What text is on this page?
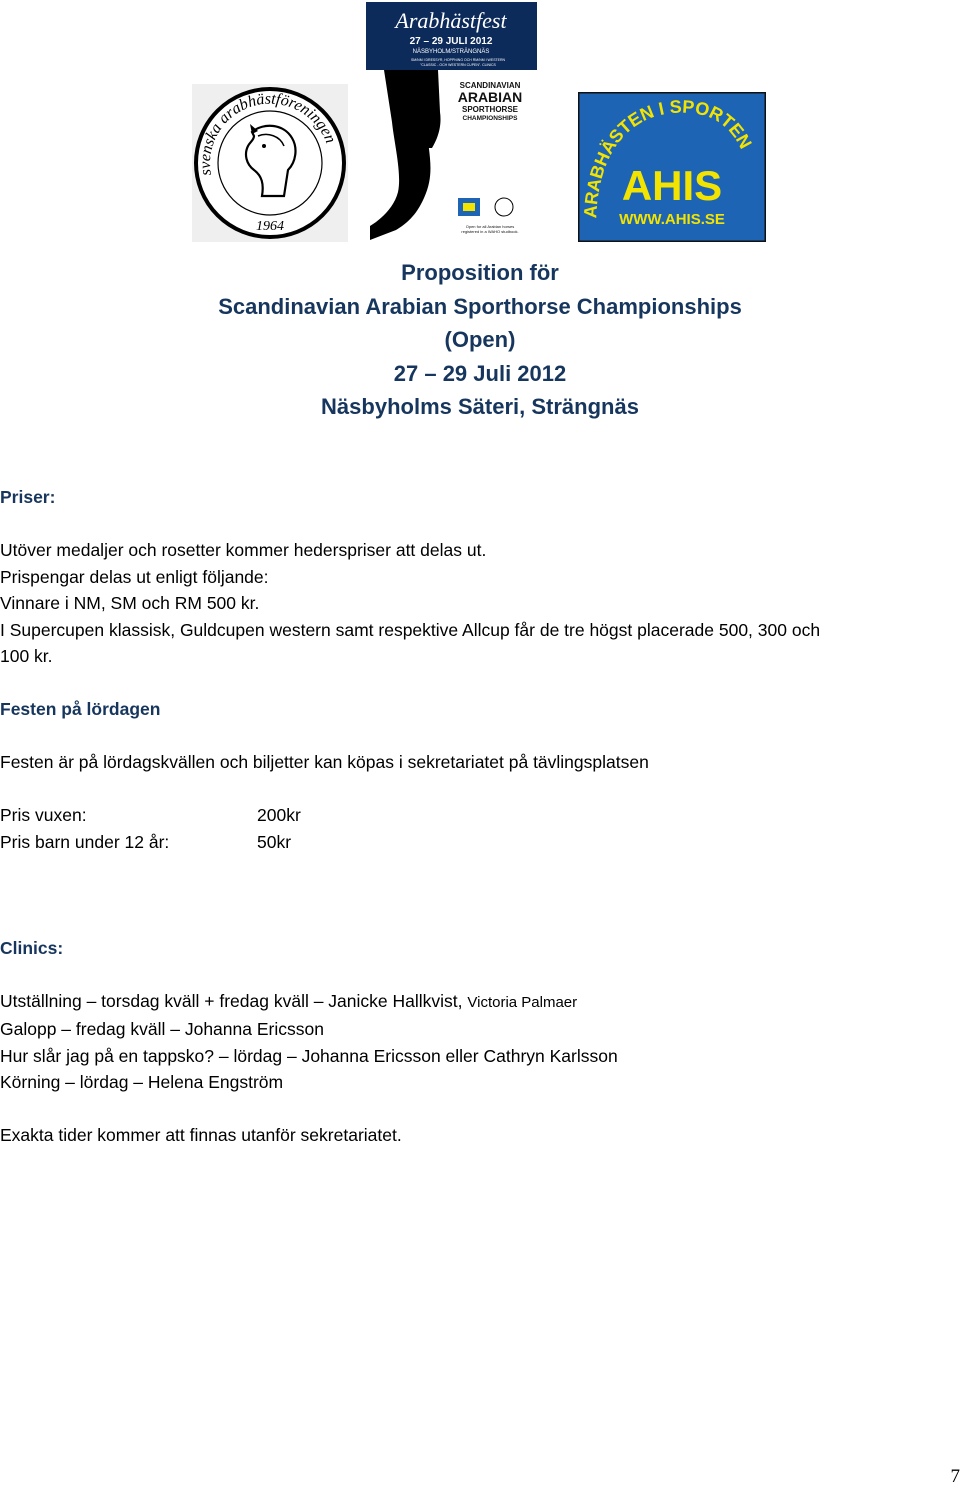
svenska arabhästföreningen
1964
Arabhästfest
27 – 29 JULI 2012
NÄSBYHOLM/STRÄNGNÄS
SM/NM I DRESSYR, HOPPNING OCH RM/NM I WESTERN
"CLASSIC - OCH WESTERN CUPEN". CLINICS
SCANDINAVIAN
ARABIAN
SPORTHORSE
CHAMPIONSHIPS
Open for all Arabian horses
registered in a WAHO studbook.
ARABHÄSTEN I SPORTEN
AHIS
WWW.AHIS.SE
Proposition för
Scandinavian Arabian Sporthorse Championships
(Open)
27 – 29 Juli 2012
Näsbyholms Säteri, Strängnäs
Priser:
Utöver medaljer och rosetter kommer hederspriser att delas ut.
Prispengar delas ut enligt följande:
Vinnare i NM, SM och RM 500 kr.
I Supercupen klassisk, Guldcupen western samt respektive Allcup får de tre högst placerade 500, 300 och
100 kr.
Festen på lördagen
Festen är på lördagskvällen och biljetter kan köpas i sekretariatet på tävlingsplatsen
Pris vuxen:	200kr
Pris barn under 12 år:	50kr
Clinics:
Utställning – torsdag kväll + fredag kväll – Janicke Hallkvist, Victoria Palmaer
Galopp – fredag kväll – Johanna Ericsson
Hur slår jag på en tappsko? – lördag – Johanna Ericsson eller Cathryn Karlsson
Körning – lördag – Helena Engström
Exakta tider kommer att finnas utanför sekretariatet.
7
